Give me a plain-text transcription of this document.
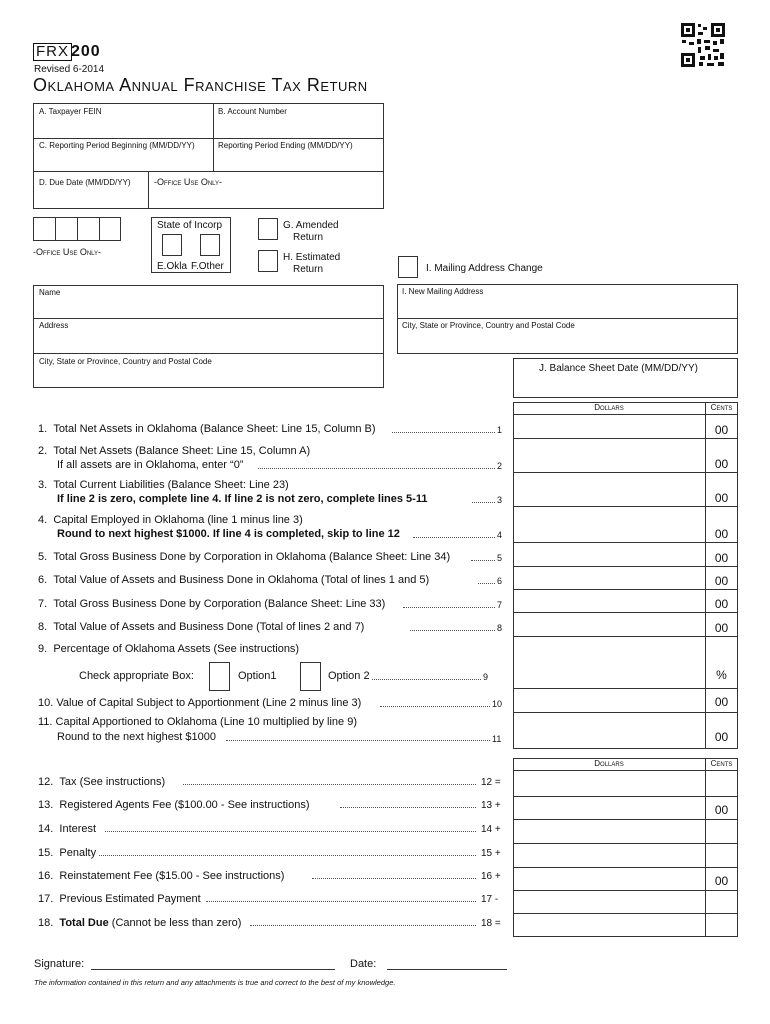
FRX 200
Revised 6-2014
Oklahoma Annual Franchise Tax Return
A. Taxpayer FEIN	B. Account Number
C. Reporting Period Beginning (MM/DD/YY)	Reporting Period Ending (MM/DD/YY)
D. Due Date (MM/DD/YY)	-Office Use Only-
-Office Use Only-
State of Incorp
E.Okla F.Other
G. Amended
Return
H. Estimated
Return	I. Mailing Address Change
Name
Address
City, State or Province, Country and Postal Code
I. New Mailing Address
City, State or Province, Country and Postal Code
J. Balance Sheet Date (MM/DD/YY)
Dollars	Cents
1. Total Net Assets in Oklahoma (Balance Sheet: Line 15, Column B)	1	00
2. Total Net Assets (Balance Sheet: Line 15, Column A)
If all assets are in Oklahoma, enter “0”	2	00
3. Total Current Liabilities (Balance Sheet: Line 23)
If line 2 is zero, complete line 4. If line 2 is not zero, complete lines 5-11	3	00
4. Capital Employed in Oklahoma (line 1 minus line 3)
Round to next highest $1000. If line 4 is completed, skip to line 12	4	00
5. Total Gross Business Done by Corporation in Oklahoma (Balance Sheet: Line 34)	5	00
6. Total Value of Assets and Business Done in Oklahoma (Total of lines 1 and 5)	6	00
7. Total Gross Business Done by Corporation (Balance Sheet: Line 33)	7	00
8. Total Value of Assets and Business Done (Total of lines 2 and 7)	8	00
9. Percentage of Oklahoma Assets (See instructions)
Check appropriate Box:	Option1	Option 2	9	%
10. Value of Capital Subject to Apportionment (Line 2 minus line 3)	10	00
11. Capital Apportioned to Oklahoma (Line 10 multiplied by line 9)
Round to the next highest $1000	11	00
Dollars	Cents
12. Tax (See instructions)	12 =
13. Registered Agents Fee ($100.00 - See instructions)	13 +	00
14. Interest	14 +
15. Penalty	15 +
16. Reinstatement Fee ($15.00 - See instructions)	16 +	00
17. Previous Estimated Payment	17 -
18. Total Due (Cannot be less than zero)	18 =
Signature:	Date:
The information contained in this return and any attachments is true and correct to the best of my knowledge.
